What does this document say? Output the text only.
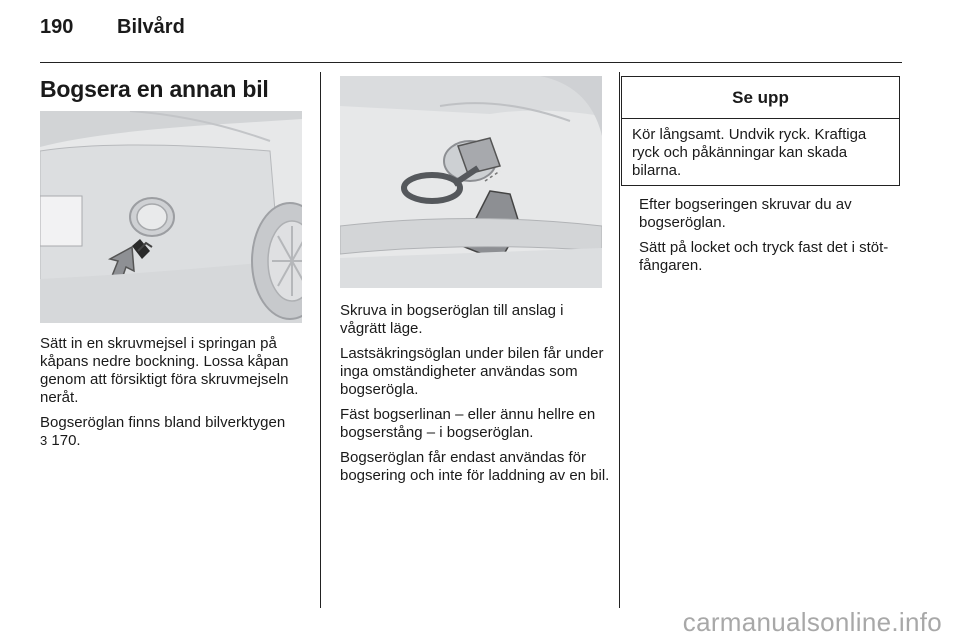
190 Bilvård
Bogsera en annan bil

Sätt in en skruvmejsel i springan på kåpans nedre bockning. Lossa kåpan genom att försiktigt föra skruvmejseln neråt.

Bogseröglan finns bland bilverktygen
3 170.

Skruva in bogseröglan till anslag i vågrätt läge.

Lastsäkringsöglan under bilen får under inga omständigheter användas som bogserögla.

Fäst bogserlinan – eller ännu hellre en bogserstång – i bogseröglan.

Bogseröglan får endast användas för bogsering och inte för laddning av en bil.

Se upp
Kör långsamt. Undvik ryck. Kraftiga ryck och påkänningar kan skada bilarna.

Efter bogseringen skruvar du av bogseröglan.

Sätt på locket och tryck fast det i stötfångaren.

carmanualsonline.info
